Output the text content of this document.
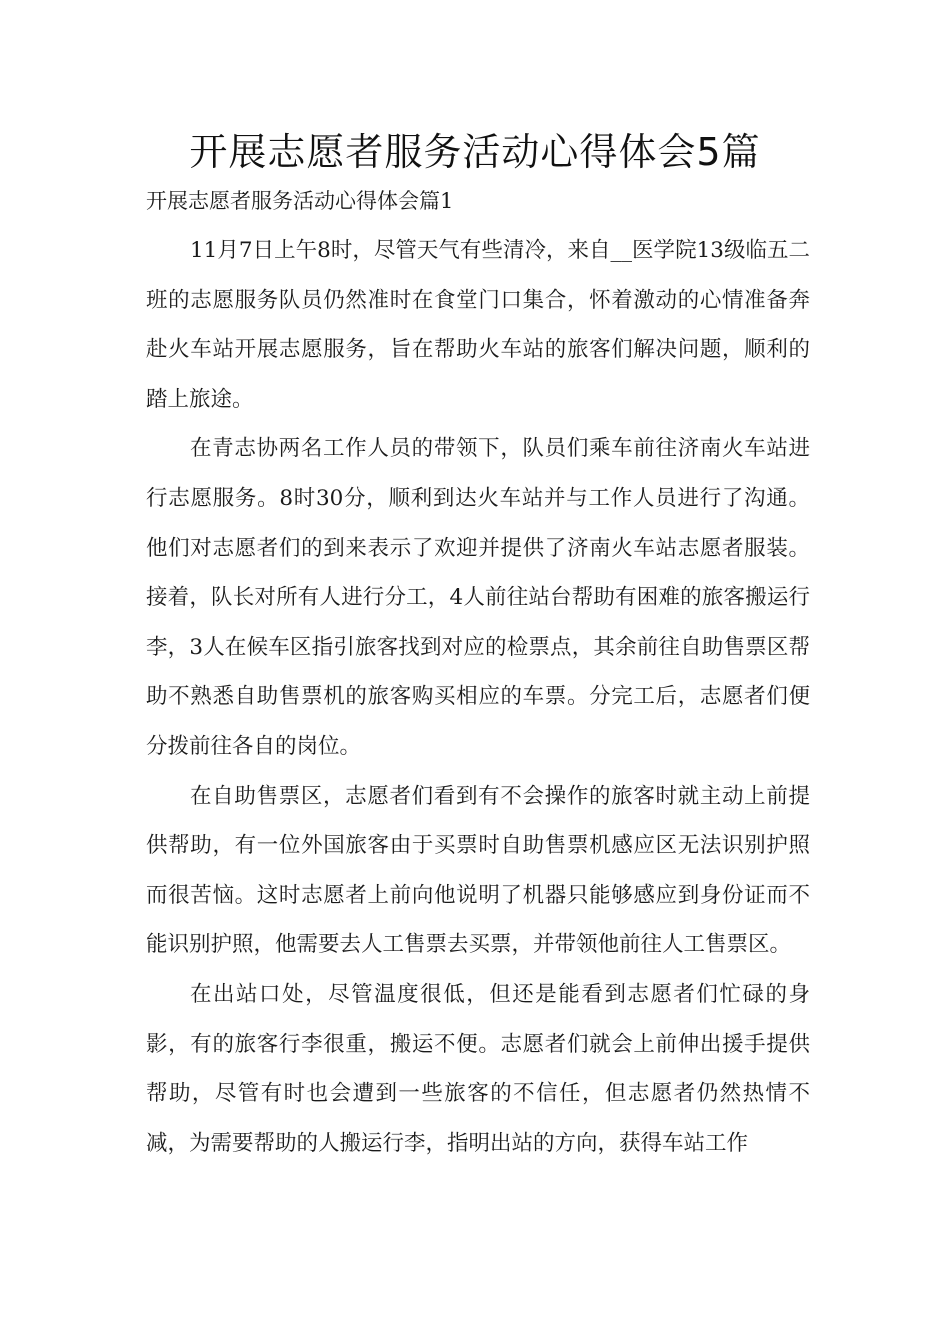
开展志愿者服务活动心得体会5篇
开展志愿者服务活动心得体会篇1

11月7日上午8时，尽管天气有些清冷，来自__医学院13级临五二班的志愿服务队员仍然准时在食堂门口集合，怀着激动的心情准备奔赴火车站开展志愿服务，旨在帮助火车站的旅客们解决问题，顺利的踏上旅途。

在青志协两名工作人员的带领下，队员们乘车前往济南火车站进行志愿服务。8时30分，顺利到达火车站并与工作人员进行了沟通。他们对志愿者们的到来表示了欢迎并提供了济南火车站志愿者服装。接着，队长对所有人进行分工，4人前往站台帮助有困难的旅客搬运行李，3人在候车区指引旅客找到对应的检票点，其余前往自助售票区帮助不熟悉自助售票机的旅客购买相应的车票。分完工后，志愿者们便分拨前往各自的岗位。

在自助售票区，志愿者们看到有不会操作的旅客时就主动上前提供帮助，有一位外国旅客由于买票时自助售票机感应区无法识别护照而很苦恼。这时志愿者上前向他说明了机器只能够感应到身份证而不能识别护照，他需要去人工售票去买票，并带领他前往人工售票区。

在出站口处，尽管温度很低，但还是能看到志愿者们忙碌的身影，有的旅客行李很重，搬运不便。志愿者们就会上前伸出援手提供帮助，尽管有时也会遭到一些旅客的不信任，但志愿者仍然热情不减，为需要帮助的人搬运行李，指明出站的方向，获得车站工作
